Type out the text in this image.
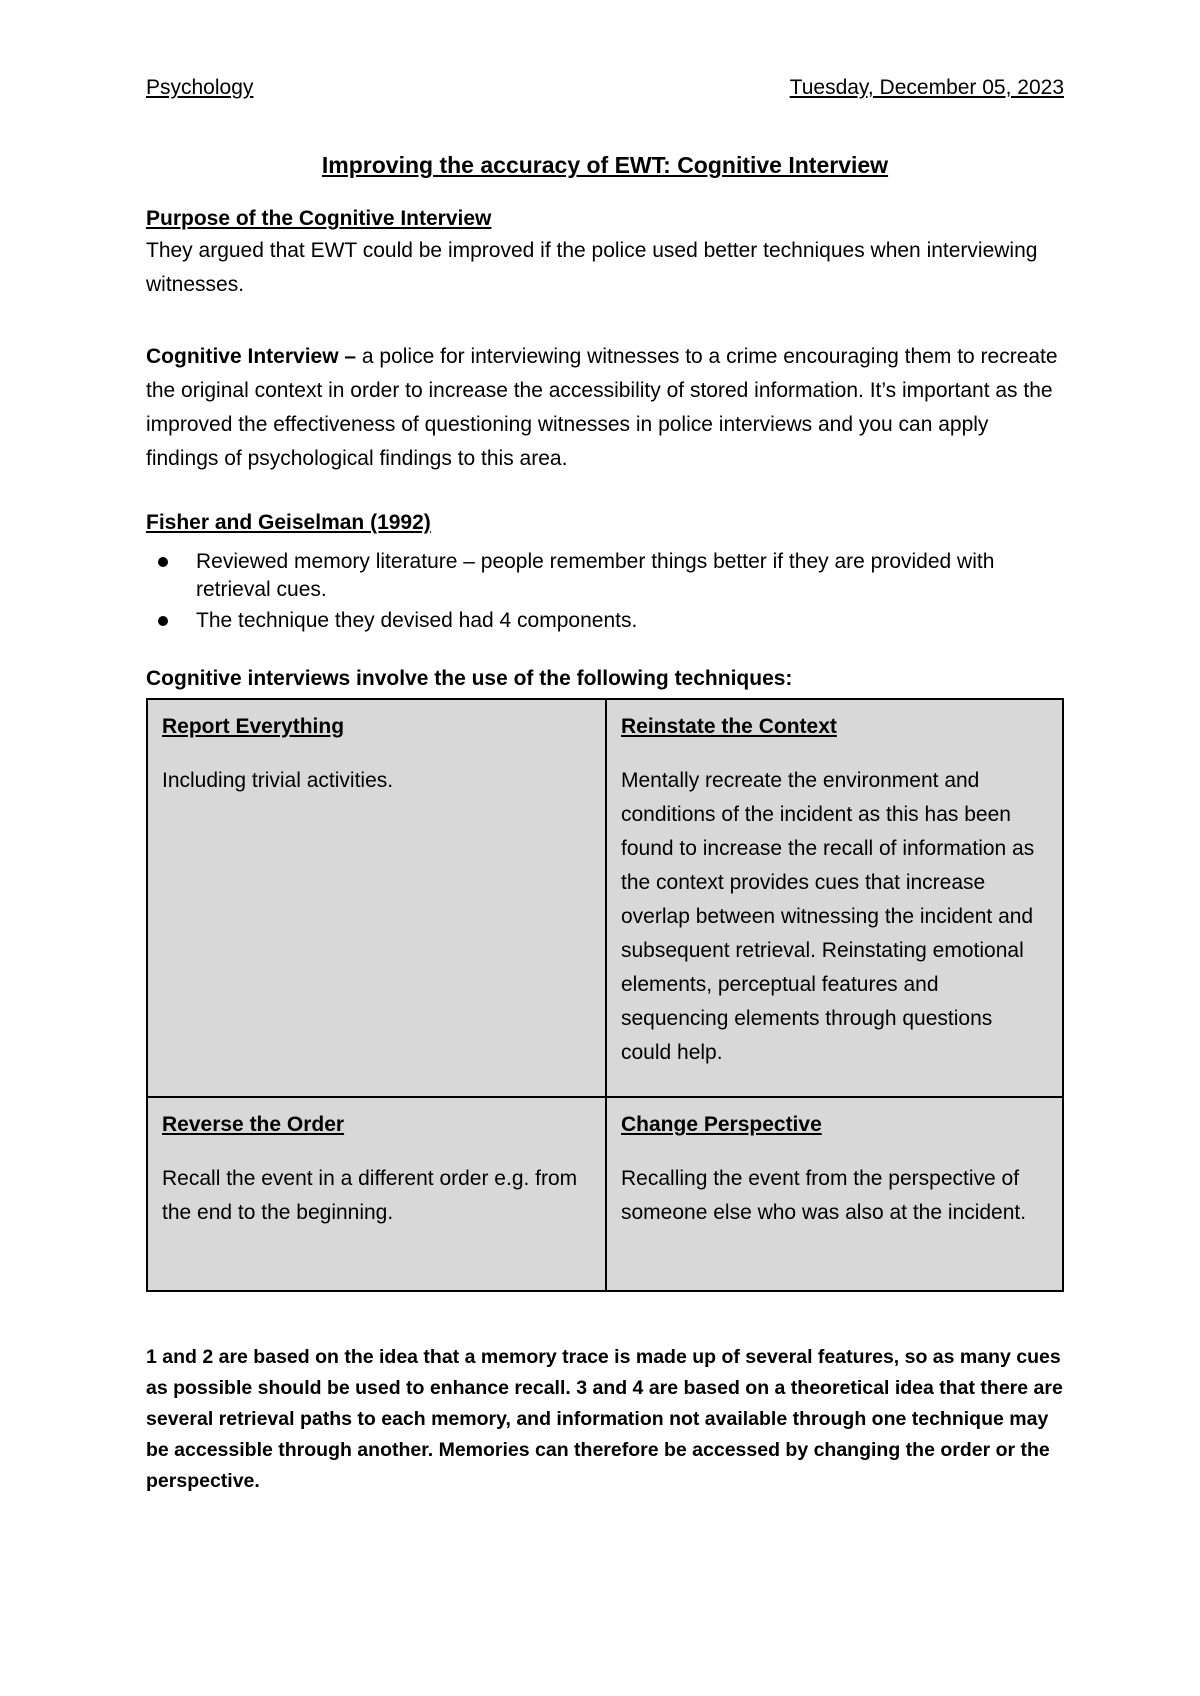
Psychology	Tuesday, December 05, 2023
Improving the accuracy of EWT: Cognitive Interview
Purpose of the Cognitive Interview
They argued that EWT could be improved if the police used better techniques when interviewing witnesses.
Cognitive Interview – a police for interviewing witnesses to a crime encouraging them to recreate the original context in order to increase the accessibility of stored information. It’s important as the improved the effectiveness of questioning witnesses in police interviews and you can apply findings of psychological findings to this area.
Fisher and Geiselman (1992)
Reviewed memory literature – people remember things better if they are provided with retrieval cues.
The technique they devised had 4 components.
Cognitive interviews involve the use of the following techniques:
Report Everything
Including trivial activities.
Reinstate the Context
Mentally recreate the environment and conditions of the incident as this has been found to increase the recall of information as the context provides cues that increase overlap between witnessing the incident and subsequent retrieval. Reinstating emotional elements, perceptual features and sequencing elements through questions could help.
Reverse the Order
Recall the event in a different order e.g. from the end to the beginning.
Change Perspective
Recalling the event from the perspective of someone else who was also at the incident.
1 and 2 are based on the idea that a memory trace is made up of several features, so as many cues as possible should be used to enhance recall. 3 and 4 are based on a theoretical idea that there are several retrieval paths to each memory, and information not available through one technique may be accessible through another. Memories can therefore be accessed by changing the order or the perspective.
